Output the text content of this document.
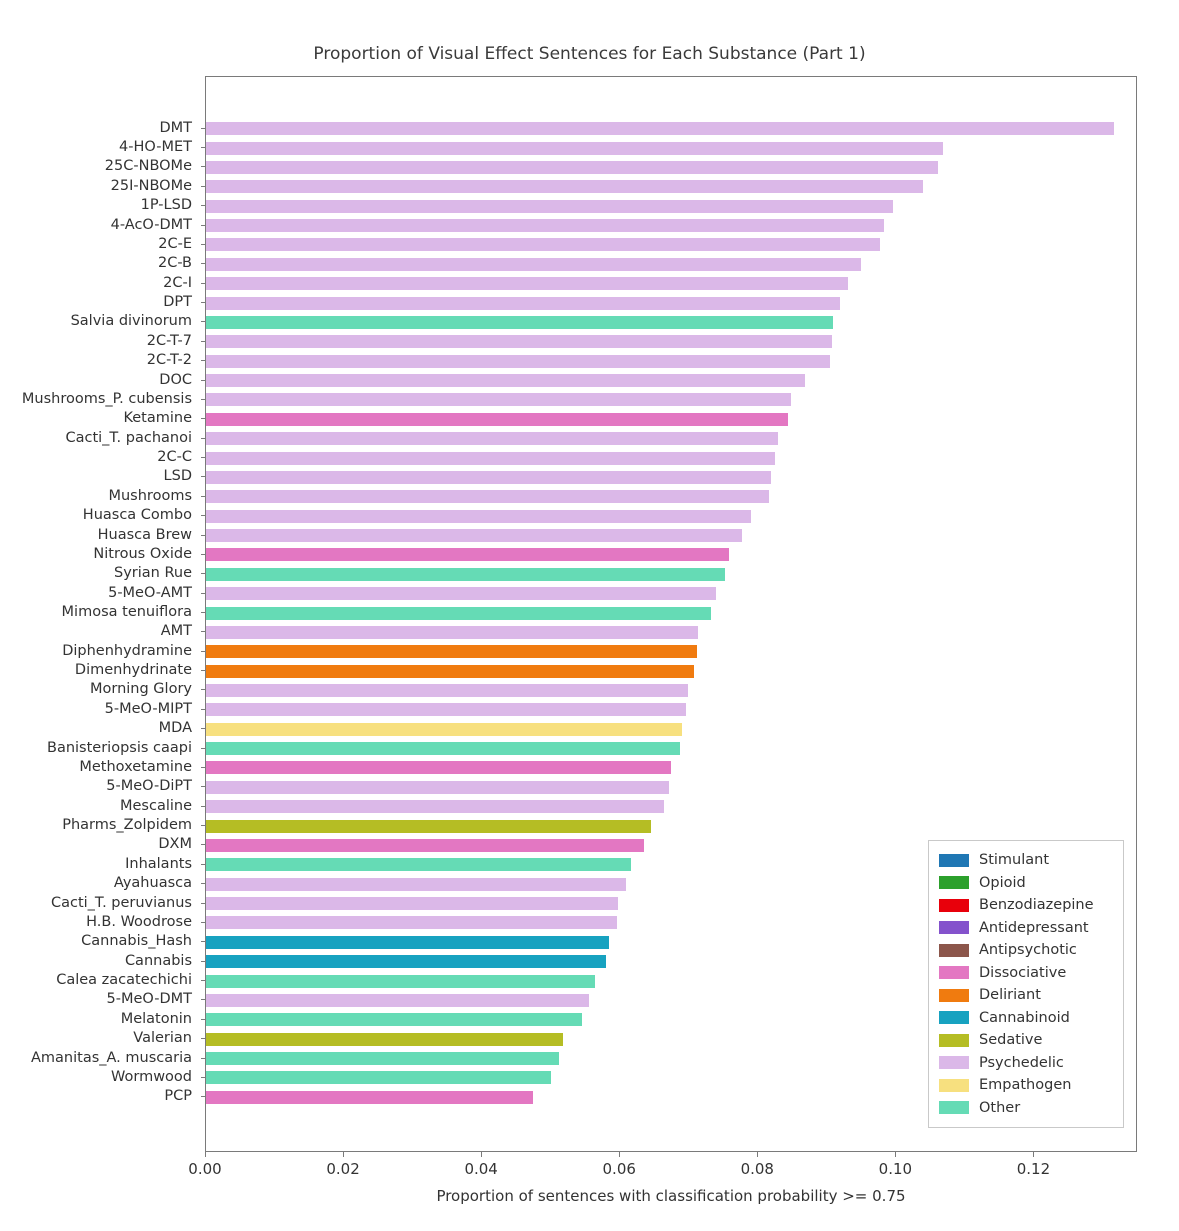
Proportion of Visual Effect Sentences for Each Substance (Part 1)
DMT
4-HO-MET
25C-NBOMe
25I-NBOMe
1P-LSD
4-AcO-DMT
2C-E
2C-B
2C-I
DPT
Salvia divinorum
2C-T-7
2C-T-2
DOC
Mushrooms_P. cubensis
Ketamine
Cacti_T. pachanoi
2C-C
LSD
Mushrooms
Huasca Combo
Huasca Brew
Nitrous Oxide
Syrian Rue
5-MeO-AMT
Mimosa tenuiflora
AMT
Diphenhydramine
Dimenhydrinate
Morning Glory
5-MeO-MIPT
MDA
Banisteriopsis caapi
Methoxetamine
5-MeO-DiPT
Mescaline
Pharms_Zolpidem
DXM
Inhalants
Ayahuasca
Cacti_T. peruvianus
H.B. Woodrose
Cannabis_Hash
Cannabis
Calea zacatechichi
5-MeO-DMT
Melatonin
Valerian
Amanitas_A. muscaria
Wormwood
PCP
Proportion of sentences with classification probability >= 0.75
Stimulant
Opioid
Benzodiazepine
Antidepressant
Antipsychotic
Dissociative
Deliriant
Cannabinoid
Sedative
Psychedelic
Empathogen
Other
0.00	0.02	0.04	0.06	0.08	0.10	0.12
